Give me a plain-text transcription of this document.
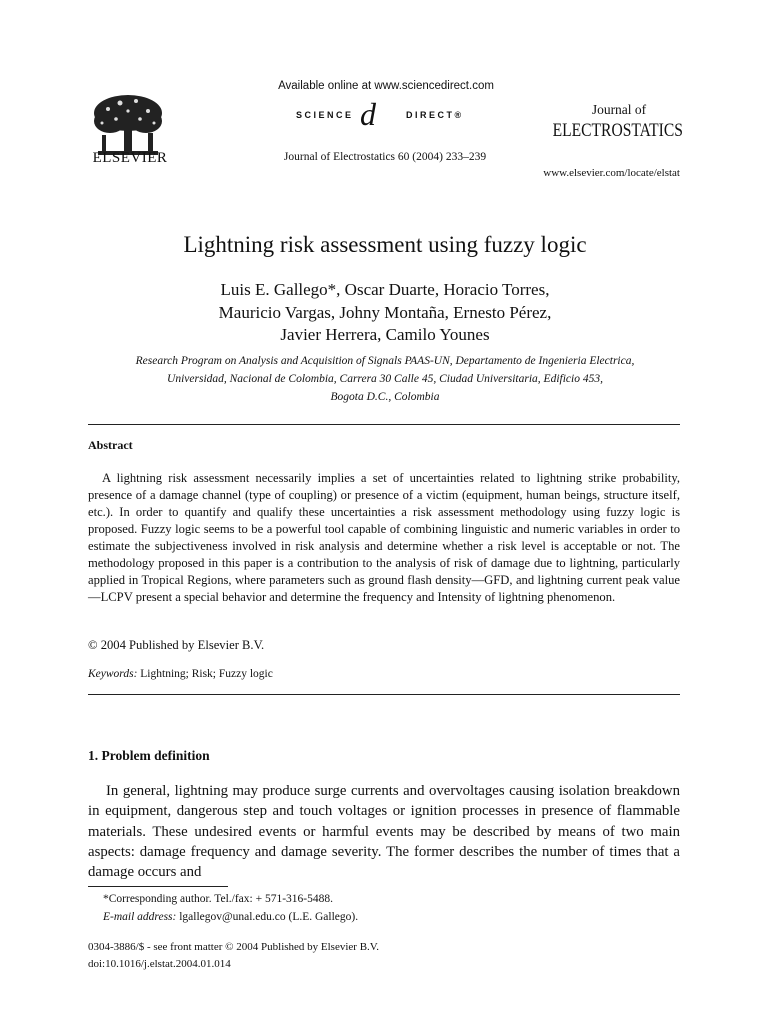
ELSEVIER
Available online at www.sciencedirect.com
SCIENCE d	DIRECT®
Journal of Electrostatics 60 (2004) 233–239
Journal of
ELECTROSTATICS
www.elsevier.com/locate/elstat
Lightning risk assessment using fuzzy logic
Luis E. Gallego*, Oscar Duarte, Horacio Torres,
Mauricio Vargas, Johny Montaña, Ernesto Pérez,
Javier Herrera, Camilo Younes
Research Program on Analysis and Acquisition of Signals PAAS-UN, Departamento de Ingenieria Electrica,
Universidad, Nacional de Colombia, Carrera 30 Calle 45, Ciudad Universitaria, Edificio 453,
Bogota D.C., Colombia
Abstract
A lightning risk assessment necessarily implies a set of uncertainties related to lightning strike probability, presence of a damage channel (type of coupling) or presence of a victim (equipment, human beings, structure itself, etc.). In order to quantify and qualify these uncertainties a risk assessment methodology using fuzzy logic is proposed. Fuzzy logic seems to be a powerful tool capable of combining linguistic and numeric variables in order to estimate the subjectiveness involved in risk analysis and determine whether a risk level is acceptable or not. The methodology proposed in this paper is a contribution to the analysis of risk of damage due to lightning, particularly applied in Tropical Regions, where parameters such as ground flash density—GFD, and lightning current peak value—LCPV present a special behavior and determine the frequency and Intensity of lightning phenomenon.
© 2004 Published by Elsevier B.V.
Keywords: Lightning; Risk; Fuzzy logic
1. Problem definition
In general, lightning may produce surge currents and overvoltages causing isolation breakdown in equipment, dangerous step and touch voltages or ignition processes in presence of flammable materials. These undesired events or harmful events may be described by means of two main aspects: damage frequency and damage severity. The former describes the number of times that a damage occurs and
*Corresponding author. Tel./fax: + 571-316-5488.
E-mail address: lgallegov@unal.edu.co (L.E. Gallego).
0304-3886/$ - see front matter © 2004 Published by Elsevier B.V.
doi:10.1016/j.elstat.2004.01.014
